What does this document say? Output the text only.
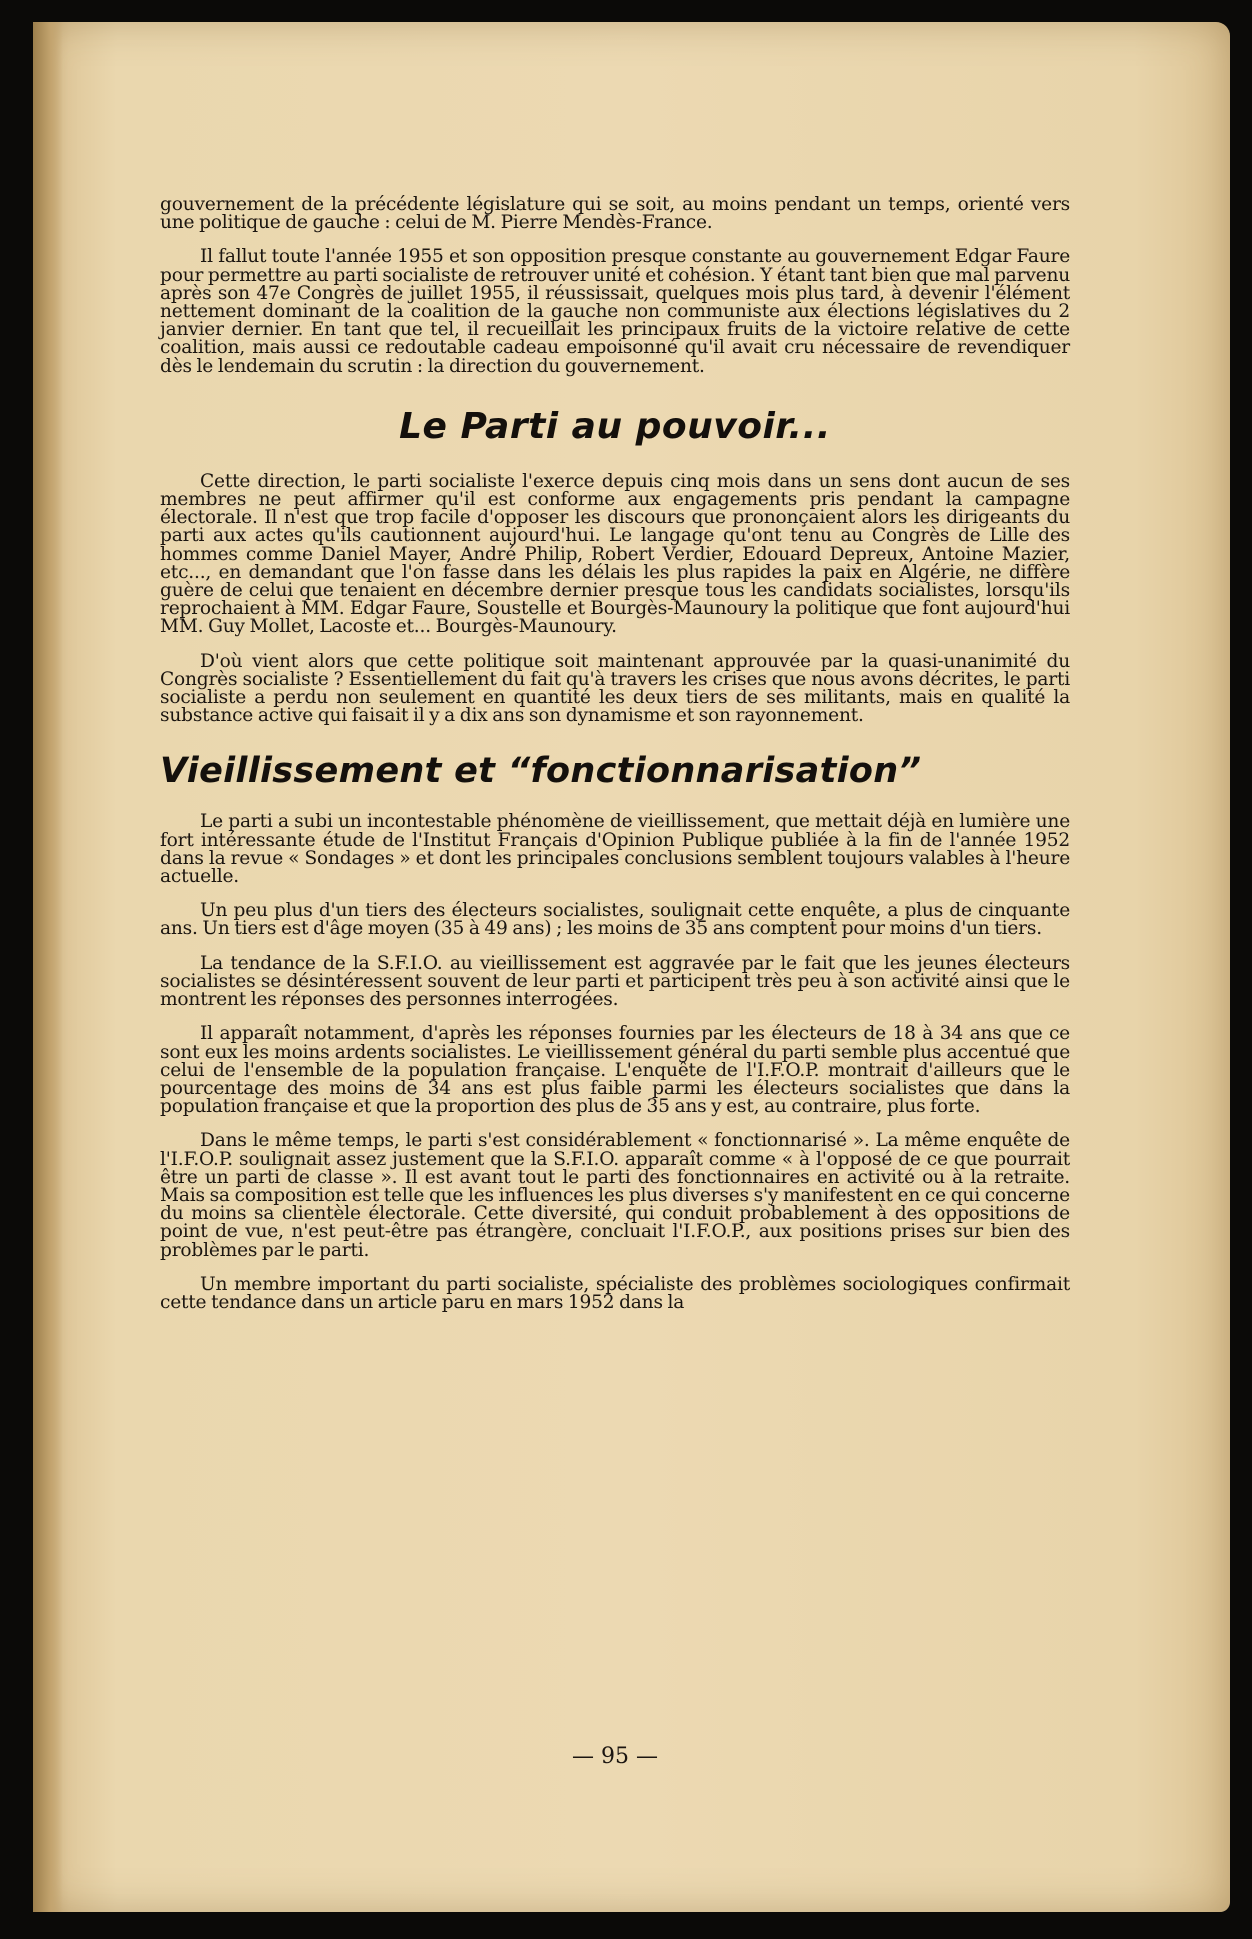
gouvernement de la précédente législature qui se soit, au moins pendant un temps, orienté vers une politique de gauche : celui de M. Pierre Mendès-France.

Il fallut toute l'année 1955 et son opposition presque constante au gouvernement Edgar Faure pour permettre au parti socialiste de retrouver unité et cohésion. Y étant tant bien que mal parvenu après son 47e Congrès de juillet 1955, il réussissait, quelques mois plus tard, à devenir l'élément nettement dominant de la coalition de la gauche non communiste aux élections législatives du 2 janvier dernier. En tant que tel, il recueillait les principaux fruits de la victoire relative de cette coalition, mais aussi ce redoutable cadeau empoisonné qu'il avait cru nécessaire de revendiquer dès le lendemain du scrutin : la direction du gouvernement.

Le Parti au pouvoir...

Cette direction, le parti socialiste l'exerce depuis cinq mois dans un sens dont aucun de ses membres ne peut affirmer qu'il est conforme aux engagements pris pendant la campagne électorale. Il n'est que trop facile d'opposer les discours que prononçaient alors les dirigeants du parti aux actes qu'ils cautionnent aujourd'hui. Le langage qu'ont tenu au Congrès de Lille des hommes comme Daniel Mayer, André Philip, Robert Verdier, Edouard Depreux, Antoine Mazier, etc..., en demandant que l'on fasse dans les délais les plus rapides la paix en Algérie, ne diffère guère de celui que tenaient en décembre dernier presque tous les candidats socialistes, lorsqu'ils reprochaient à MM. Edgar Faure, Soustelle et Bourgès-Maunoury la politique que font aujourd'hui MM. Guy Mollet, Lacoste et... Bourgès-Maunoury.

D'où vient alors que cette politique soit maintenant approuvée par la quasi-unanimité du Congrès socialiste ? Essentiellement du fait qu'à travers les crises que nous avons décrites, le parti socialiste a perdu non seulement en quantité les deux tiers de ses militants, mais en qualité la substance active qui faisait il y a dix ans son dynamisme et son rayonnement.

Vieillissement et “fonctionnarisation”

Le parti a subi un incontestable phénomène de vieillissement, que mettait déjà en lumière une fort intéressante étude de l'Institut Français d'Opinion Publique publiée à la fin de l'année 1952 dans la revue « Sondages » et dont les principales conclusions semblent toujours valables à l'heure actuelle.

Un peu plus d'un tiers des électeurs socialistes, soulignait cette enquête, a plus de cinquante ans. Un tiers est d'âge moyen (35 à 49 ans) ; les moins de 35 ans comptent pour moins d'un tiers.

La tendance de la S.F.I.O. au vieillissement est aggravée par le fait que les jeunes électeurs socialistes se désintéressent souvent de leur parti et participent très peu à son activité ainsi que le montrent les réponses des personnes interrogées.

Il apparaît notamment, d'après les réponses fournies par les électeurs de 18 à 34 ans que ce sont eux les moins ardents socialistes. Le vieillissement général du parti semble plus accentué que celui de l'ensemble de la population française. L'enquête de l'I.F.O.P. montrait d'ailleurs que le pourcentage des moins de 34 ans est plus faible parmi les électeurs socialistes que dans la population française et que la proportion des plus de 35 ans y est, au contraire, plus forte.

Dans le même temps, le parti s'est considérablement « fonctionnarisé ». La même enquête de l'I.F.O.P. soulignait assez justement que la S.F.I.O. apparaît comme « à l'opposé de ce que pourrait être un parti de classe ». Il est avant tout le parti des fonctionnaires en activité ou à la retraite. Mais sa composition est telle que les influences les plus diverses s'y manifestent en ce qui concerne du moins sa clientèle électorale. Cette diversité, qui conduit probablement à des oppositions de point de vue, n'est peut-être pas étrangère, concluait l'I.F.O.P., aux positions prises sur bien des problèmes par le parti.

Un membre important du parti socialiste, spécialiste des problèmes sociologiques confirmait cette tendance dans un article paru en mars 1952 dans la

— 95 —
